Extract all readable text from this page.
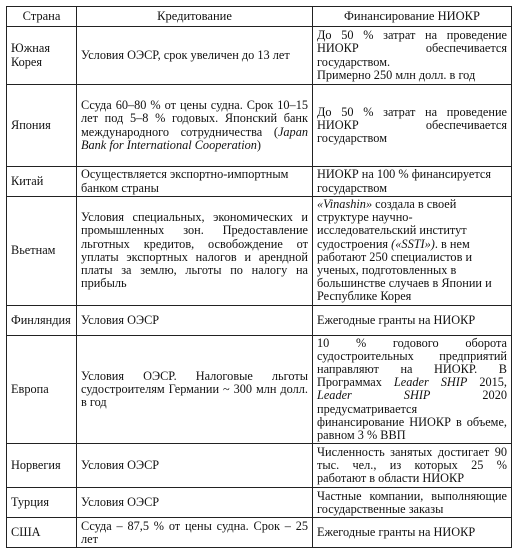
Страна	Кредитование	Финансирование НИОКР
Южная Корея	Условия ОЭСР, срок увеличен до 13 лет	До 50 % затрат на проведение НИОКР обеспечивается государством.

Примерно 250 млн долл. в год

Япония	Ссуда 60–80 % от цены судна. Срок 10–15 лет под 5–8 % годовых. Японский банк международного сотрудничества (Japan Bank for International Cooperation)	До 50 % затрат на проведение НИОКР обеспечивается государством
Китай	Осуществляется экспортно-импортным банком страны	НИОКР на 100 % финансируется государством
Вьетнам	Условия специальных, экономических и промышленных зон. Предоставление льготных кредитов, освобождение от уплаты экспортных налогов и арендной платы за землю, льготы по налогу на прибыль	«Vinashin» создала в своей структуре научно-исследовательский институт судостроения («SSTI»). в нем работают 250 специалистов и ученых, подготовленных в большинстве случаев в Японии и Республике Корея
Финляндия	Условия ОЭСР	Ежегодные гранты на НИОКР
Европа	Условия ОЭСР. Налоговые льготы судостроителям Германии ~ 300 млн долл. в год	10 % годового оборота судостроительных предприятий направляют на НИОКР. В Программах Leader SHIP 2015, Leader SHIP 2020 предусматривается финансирование НИОКР в объеме, равном 3 % ВВП
Норвегия	Условия ОЭСР	Численность занятых достигает 90 тыс. чел., из которых 25 % работают в области НИОКР
Турция	Условия ОЭСР	Частные компании, выполняющие государственные заказы
США	Ссуда – 87,5 % от цены судна. Срок – 25 лет	Ежегодные гранты на НИОКР
